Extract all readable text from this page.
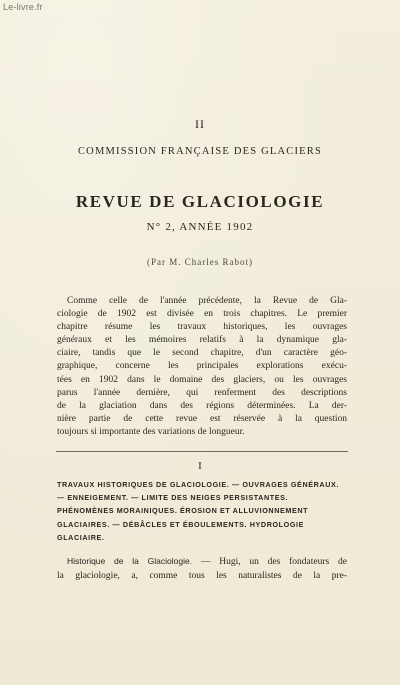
Le-livre.fr
II
COMMISSION FRANÇAISE DES GLACIERS
REVUE DE GLACIOLOGIE
N° 2, ANNÉE 1902
(Par M. Charles Rabot)
Comme celle de l'année précédente, la Revue de Gla-
ciologie de 1902 est divisée en trois chapitres. Le premier
chapitre résume les travaux historiques, les ouvrages
généraux et les mémoires relatifs à la dynamique gla-
ciaire, tandis que le second chapitre, d'un caractère géo-
graphique, concerne les principales explorations exécu-
tées en 1902 dans le domaine des glaciers, ou les ouvrages
parus l'année dernière, qui renferment des descriptions
de la glaciation dans des régions déterminées. La der-
nière partie de cette revue est réservée à la question
toujours si importante des variations de longueur.
I
TRAVAUX HISTORIQUES DE GLACIOLOGIE. — OUVRAGES GÉNÉRAUX.
— ENNEIGEMENT. — LIMITE DES NEIGES PERSISTANTES.
PHÉNOMÈNES MORAINIQUES. ÉROSION ET ALLUVIONNEMENT
GLACIAIRES. — DÉBÂCLES ET ÉBOULEMENTS. HYDROLOGIE
GLACIAIRE.
Historique de la Glaciologie. — Hugi, un des fondateurs de
la glaciologie, a, comme tous les naturalistes de la pre-
